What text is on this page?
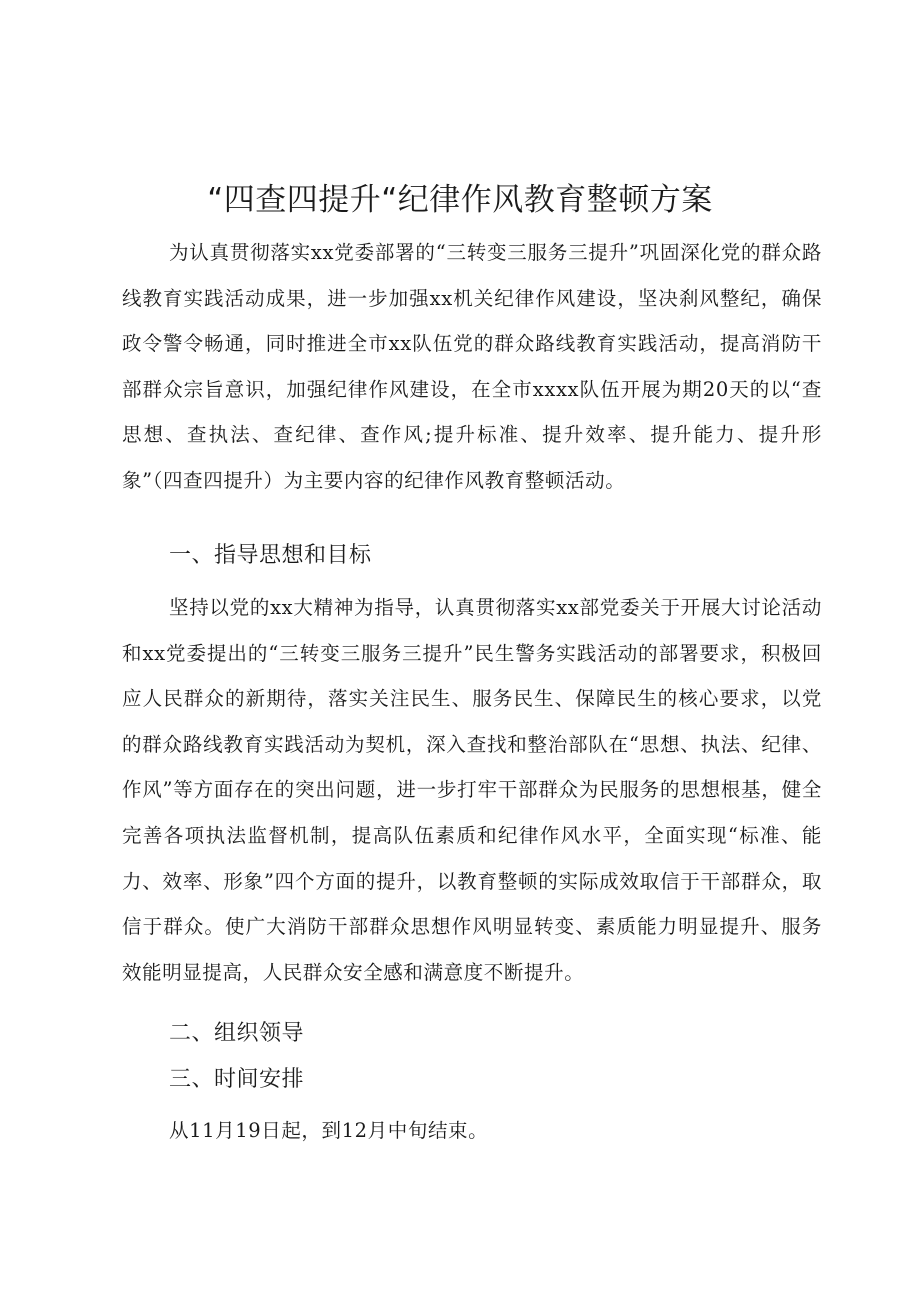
“四查四提升“纪律作风教育整顿方案

为认真贯彻落实xx党委部署的“三转变三服务三提升”巩固深化党的群众路线教育实践活动成果，进一步加强xx机关纪律作风建设，坚决刹风整纪，确保政令警令畅通，同时推进全市xx队伍党的群众路线教育实践活动，提高消防干部群众宗旨意识，加强纪律作风建设，在全市xxxx队伍开展为期20天的以“查思想、查执法、查纪律、查作风;提升标准、提升效率、提升能力、提升形象”（四查四提升）为主要内容的纪律作风教育整顿活动。

一、指导思想和目标

坚持以党的xx大精神为指导，认真贯彻落实xx部党委关于开展大讨论活动和xx党委提出的“三转变三服务三提升”民生警务实践活动的部署要求，积极回应人民群众的新期待，落实关注民生、服务民生、保障民生的核心要求，以党的群众路线教育实践活动为契机，深入查找和整治部队在“思想、执法、纪律、作风”等方面存在的突出问题，进一步打牢干部群众为民服务的思想根基，健全完善各项执法监督机制，提高队伍素质和纪律作风水平，全面实现“标准、能力、效率、形象”四个方面的提升，以教育整顿的实际成效取信于干部群众，取信于群众。使广大消防干部群众思想作风明显转变、素质能力明显提升、服务效能明显提高，人民群众安全感和满意度不断提升。

二、组织领导
三、时间安排

从11月19日起，到12月中旬结束。
